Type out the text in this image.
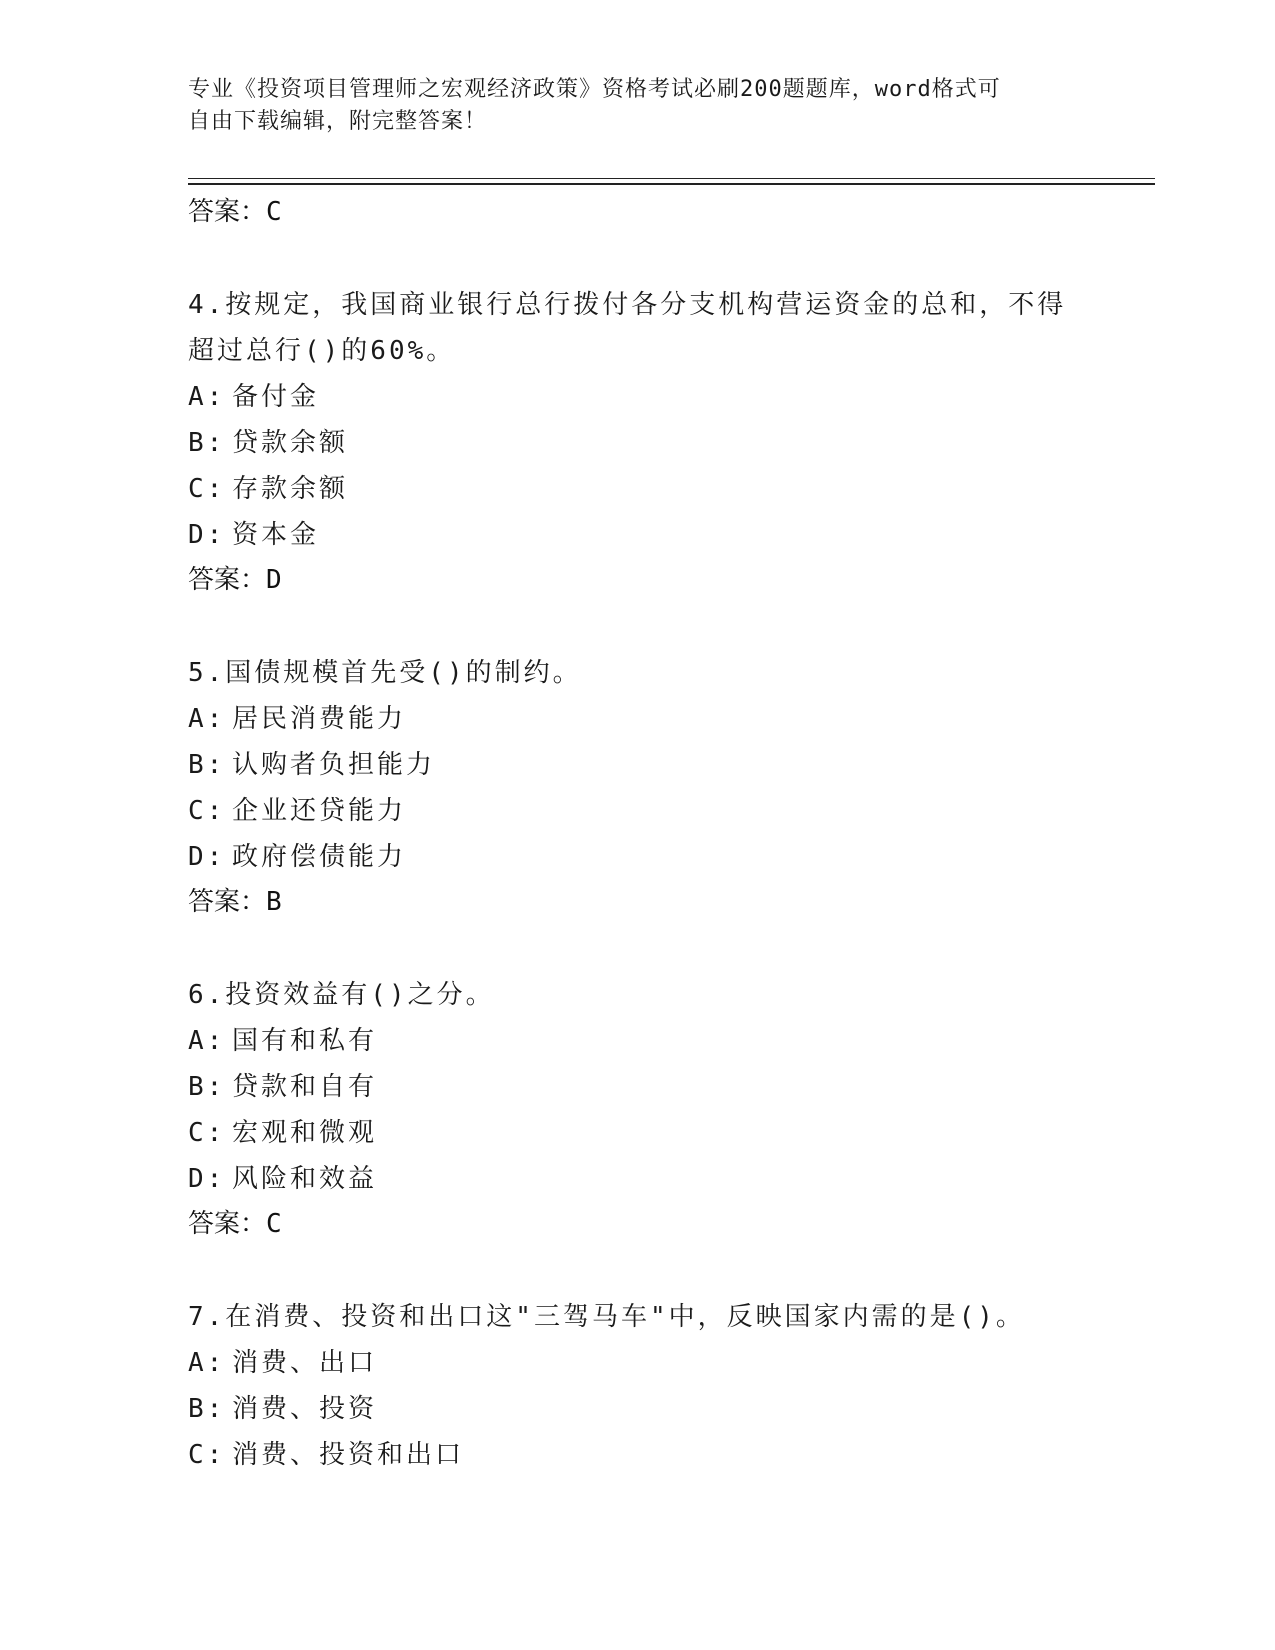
专业《投资项目管理师之宏观经济政策》资格考试必刷200题题库，word格式可
自由下载编辑，附完整答案！
答案：C
4.按规定，我国商业银行总行拨付各分支机构营运资金的总和，不得
超过总行()的60%。
A: 备付金
B: 贷款余额
C: 存款余额
D: 资本金
答案：D
5.国债规模首先受()的制约。
A: 居民消费能力
B: 认购者负担能力
C: 企业还贷能力
D: 政府偿债能力
答案：B
6.投资效益有()之分。
A: 国有和私有
B: 贷款和自有
C: 宏观和微观
D: 风险和效益
答案：C
7.在消费、投资和出口这"三驾马车"中，反映国家内需的是()。
A: 消费、出口
B: 消费、投资
C: 消费、投资和出口
